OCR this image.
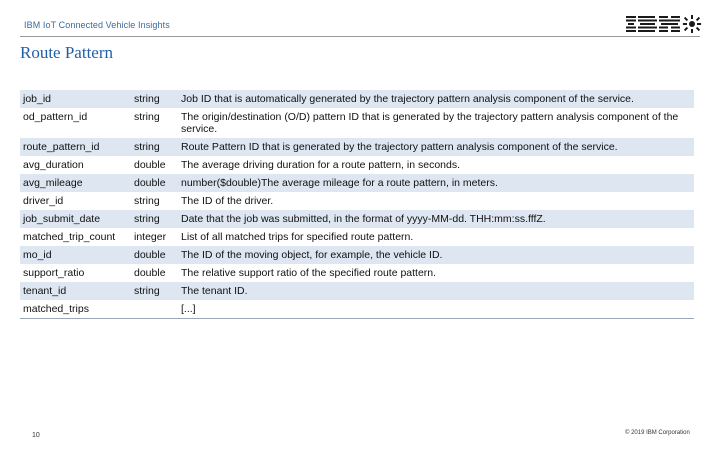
IBM IoT Connected Vehicle Insights
Route Pattern
job_id	string	Job ID that is automatically generated by the trajectory pattern analysis component of the service.
od_pattern_id	string	The origin/destination (O/D) pattern ID that is generated by the trajectory pattern analysis component of the service.
route_pattern_id	string	Route Pattern ID that is generated by the trajectory pattern analysis component of the service.
avg_duration	double	The average driving duration for a route pattern, in seconds.
avg_mileage	double	number($double)The average mileage for a route pattern, in meters.
driver_id	string	The ID of the driver.
job_submit_date	string	Date that the job was submitted, in the format of yyyy-MM-dd. THH:mm:ss.fffZ.
matched_trip_count	integer	List of all matched trips for specified route pattern.
mo_id	double	The ID of the moving object, for example, the vehicle ID.
support_ratio	double	The relative support ratio of the specified route pattern.
tenant_id	string	The tenant ID.
matched_trips		[...]
10	© 2019 IBM Corporation
